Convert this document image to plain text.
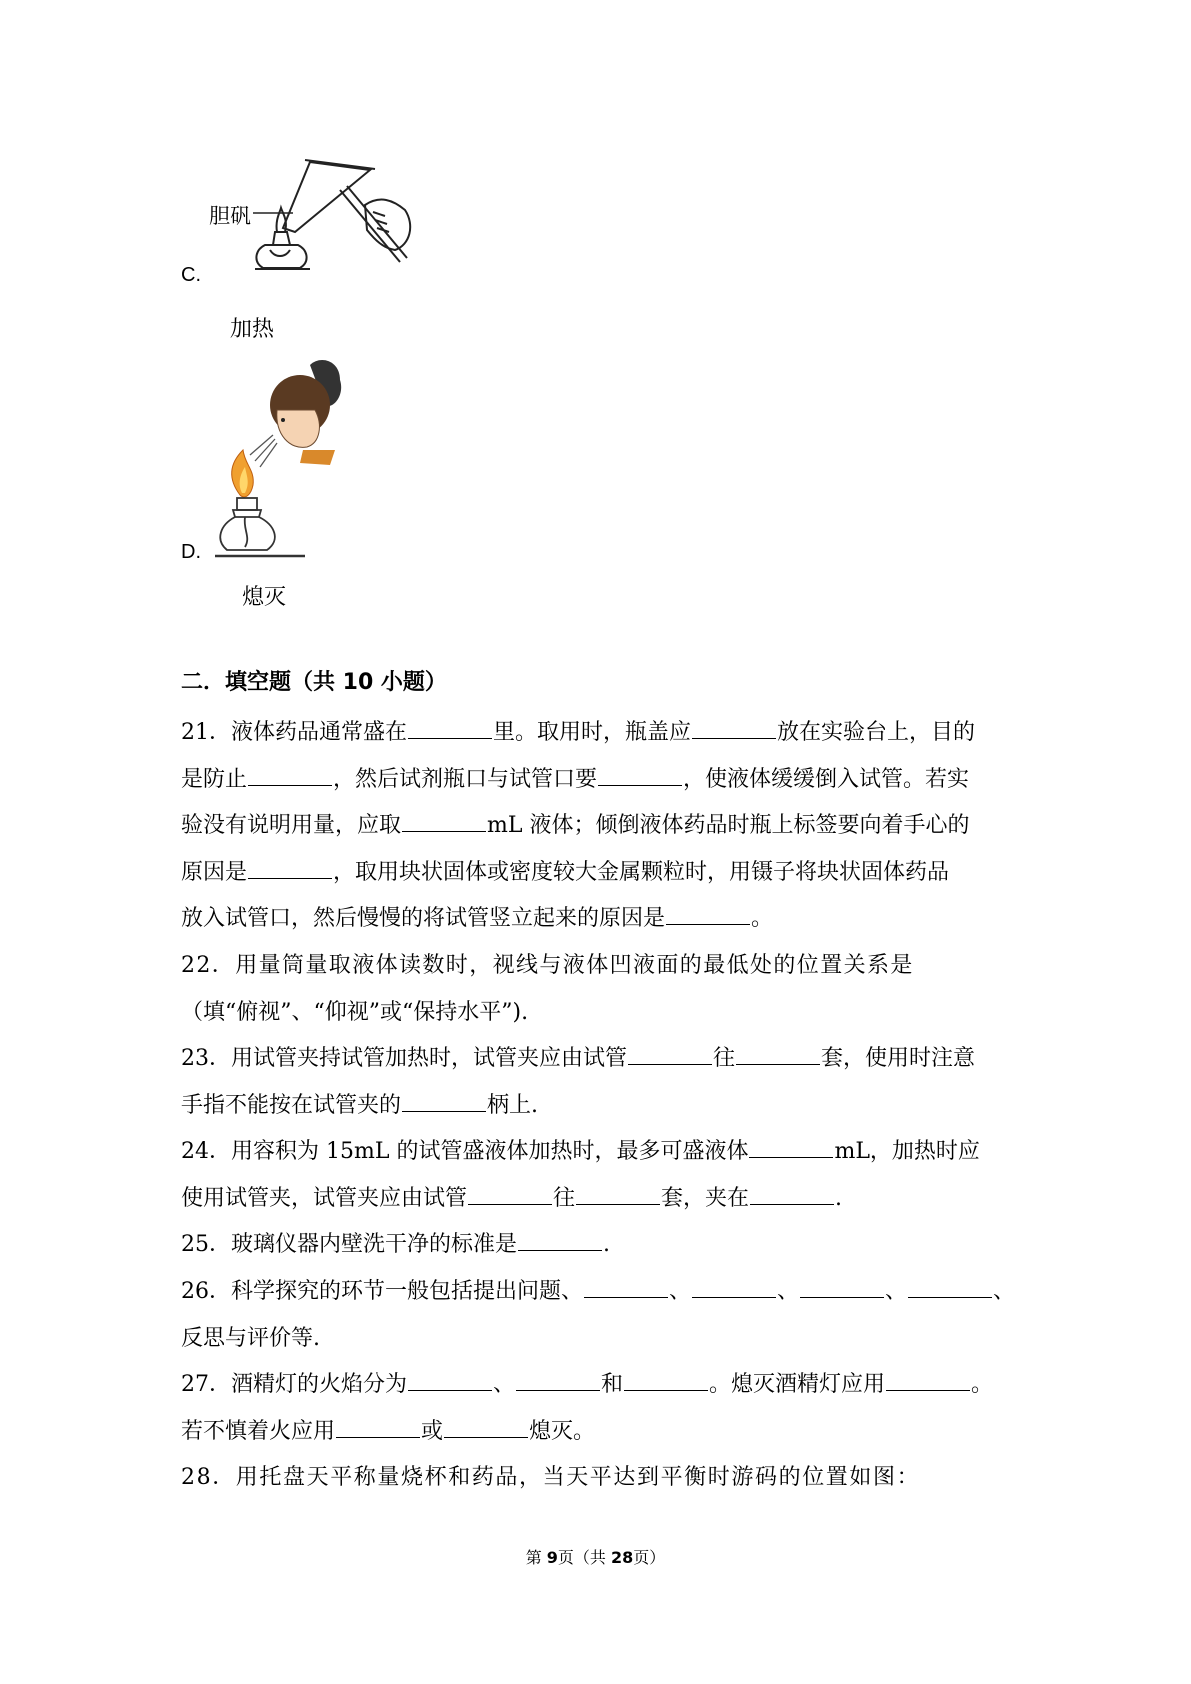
胆矾
C.
加热
D.
熄灭
二．填空题（共 10 小题）
21．液体药品通常盛在	里。取用时，瓶盖应	放在实验台上，目的
是防止	，然后试剂瓶口与试管口要	，使液体缓缓倒入试管。若实
验没有说明用量，应取	mL 液体；倾倒液体药品时瓶上标签要向着手心的
原因是	，取用块状固体或密度较大金属颗粒时，用镊子将块状固体药品
放入试管口，然后慢慢的将试管竖立起来的原因是	。
22．用量筒量取液体读数时，视线与液体凹液面的最低处的位置关系是
（填“俯视”、“仰视”或“保持水平”).
23．用试管夹持试管加热时，试管夹应由试管	往	套，使用时注意
手指不能按在试管夹的	柄上.
24．用容积为 15mL 的试管盛液体加热时，最多可盛液体	mL，加热时应
使用试管夹，试管夹应由试管	往	套，夹在	.
25．玻璃仪器内壁洗干净的标准是	.
26．科学探究的环节一般包括提出问题、	、	、	、	、
反思与评价等.
27．酒精灯的火焰分为	、	和	。熄灭酒精灯应用	。
若不慎着火应用	或	熄灭。
28．用托盘天平称量烧杯和药品，当天平达到平衡时游码的位置如图：
第 9页（共 28页）
